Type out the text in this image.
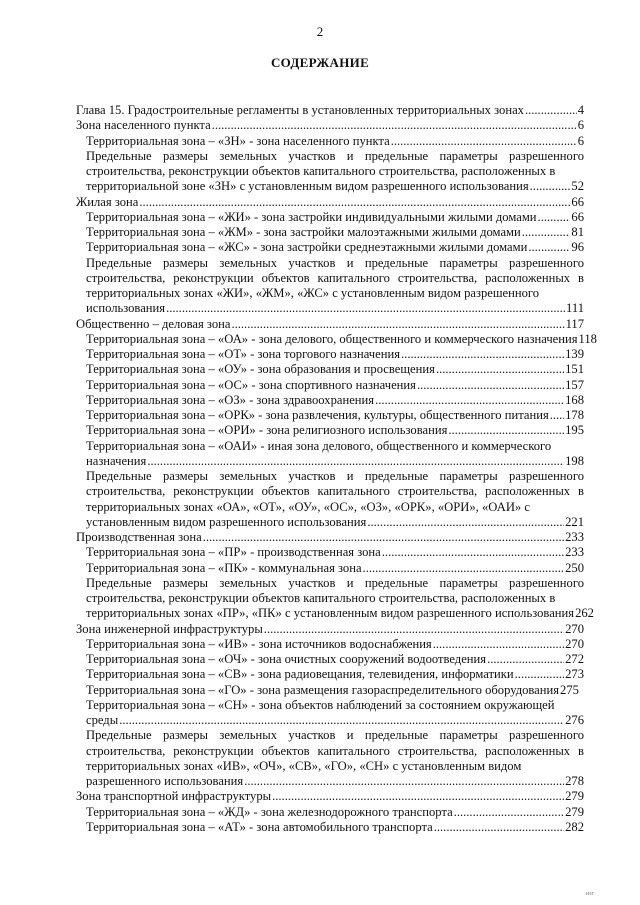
2
СОДЕРЖАНИЕ
Глава 15. Градостроительные регламенты в установленных территориальных зонах .....	4
Зона населенного пункта .....	6
Территориальная зона – «ЗН» - зона населенного пункта .....	6
Предельные размеры земельных участков и предельные параметры разрешенного строительства, реконструкции объектов капитального строительства, расположенных в
территориальной зоне «ЗН» с установленным видом разрешенного использования .....	52
Жилая зона .....	66
Территориальная зона – «ЖИ» - зона застройки индивидуальными жилыми домами .....	66
Территориальная зона – «ЖМ» - зона застройки малоэтажными жилыми домами .....	81
Территориальная зона – «ЖС» - зона застройки среднеэтажными жилыми домами .....	96
Предельные размеры земельных участков и предельные параметры разрешенного строительства, реконструкции объектов капитального строительства, расположенных в территориальных зонах «ЖИ», «ЖМ», «ЖС» с установленным видом разрешенного
использования .....	111
Общественно – деловая зона .....	117
Территориальная зона – «ОА» - зона делового, общественного и коммерческого назначения 118
Территориальная зона – «ОТ» - зона торгового назначения .....	139
Территориальная зона – «ОУ» - зона образования и просвещения .....	151
Территориальная зона – «ОС» - зона спортивного назначения .....	157
Территориальная зона – «ОЗ» - зона здравоохранения .....	168
Территориальная зона – «ОРК» - зона развлечения, культуры, общественного питания ..... 178
Территориальная зона – «ОРИ» - зона религиозного использования .....	195
Территориальная зона – «ОАИ» - иная зона делового, общественного и коммерческого
назначения .....	198
Предельные размеры земельных участков и предельные параметры разрешенного строительства, реконструкции объектов капитального строительства, расположенных в территориальных зонах «ОА», «ОТ», «ОУ», «ОС», «ОЗ», «ОРК», «ОРИ», «ОАИ» с
установленным видом разрешенного использования .....	221
Производственная зона .....	233
Территориальная зона – «ПР» - производственная зона .....	233
Территориальная зона – «ПК» - коммунальная зона .....	250
Предельные размеры земельных участков и предельные параметры разрешенного строительства, реконструкции объектов капитального строительства, расположенных в
территориальных зонах «ПР», «ПК» с установленным видом разрешенного использования 262
Зона инженерной инфраструктуры .....	270
Территориальная зона – «ИВ» - зона источников водоснабжения .....	270
Территориальная зона – «ОЧ» - зона очистных сооружений водоотведения .....	272
Территориальная зона – «СВ» - зона радиовещания, телевидения, информатики .....	273
Территориальная зона – «ГО» - зона размещения газораспределительного оборудования 275
Территориальная зона – «СН» - зона объектов наблюдений за состоянием окружающей
среды .....	276
Предельные размеры земельных участков и предельные параметры разрешенного строительства, реконструкции объектов капитального строительства, расположенных в территориальных зонах «ИВ», «ОЧ», «СВ», «ГО», «СН» с установленным видом
разрешенного использования .....	278
Зона транспортной инфраструктуры .....	279
Территориальная зона – «ЖД» - зона железнодорожного транспорта .....	279
Территориальная зона – «АТ» - зона автомобильного транспорта .....	282
изг
